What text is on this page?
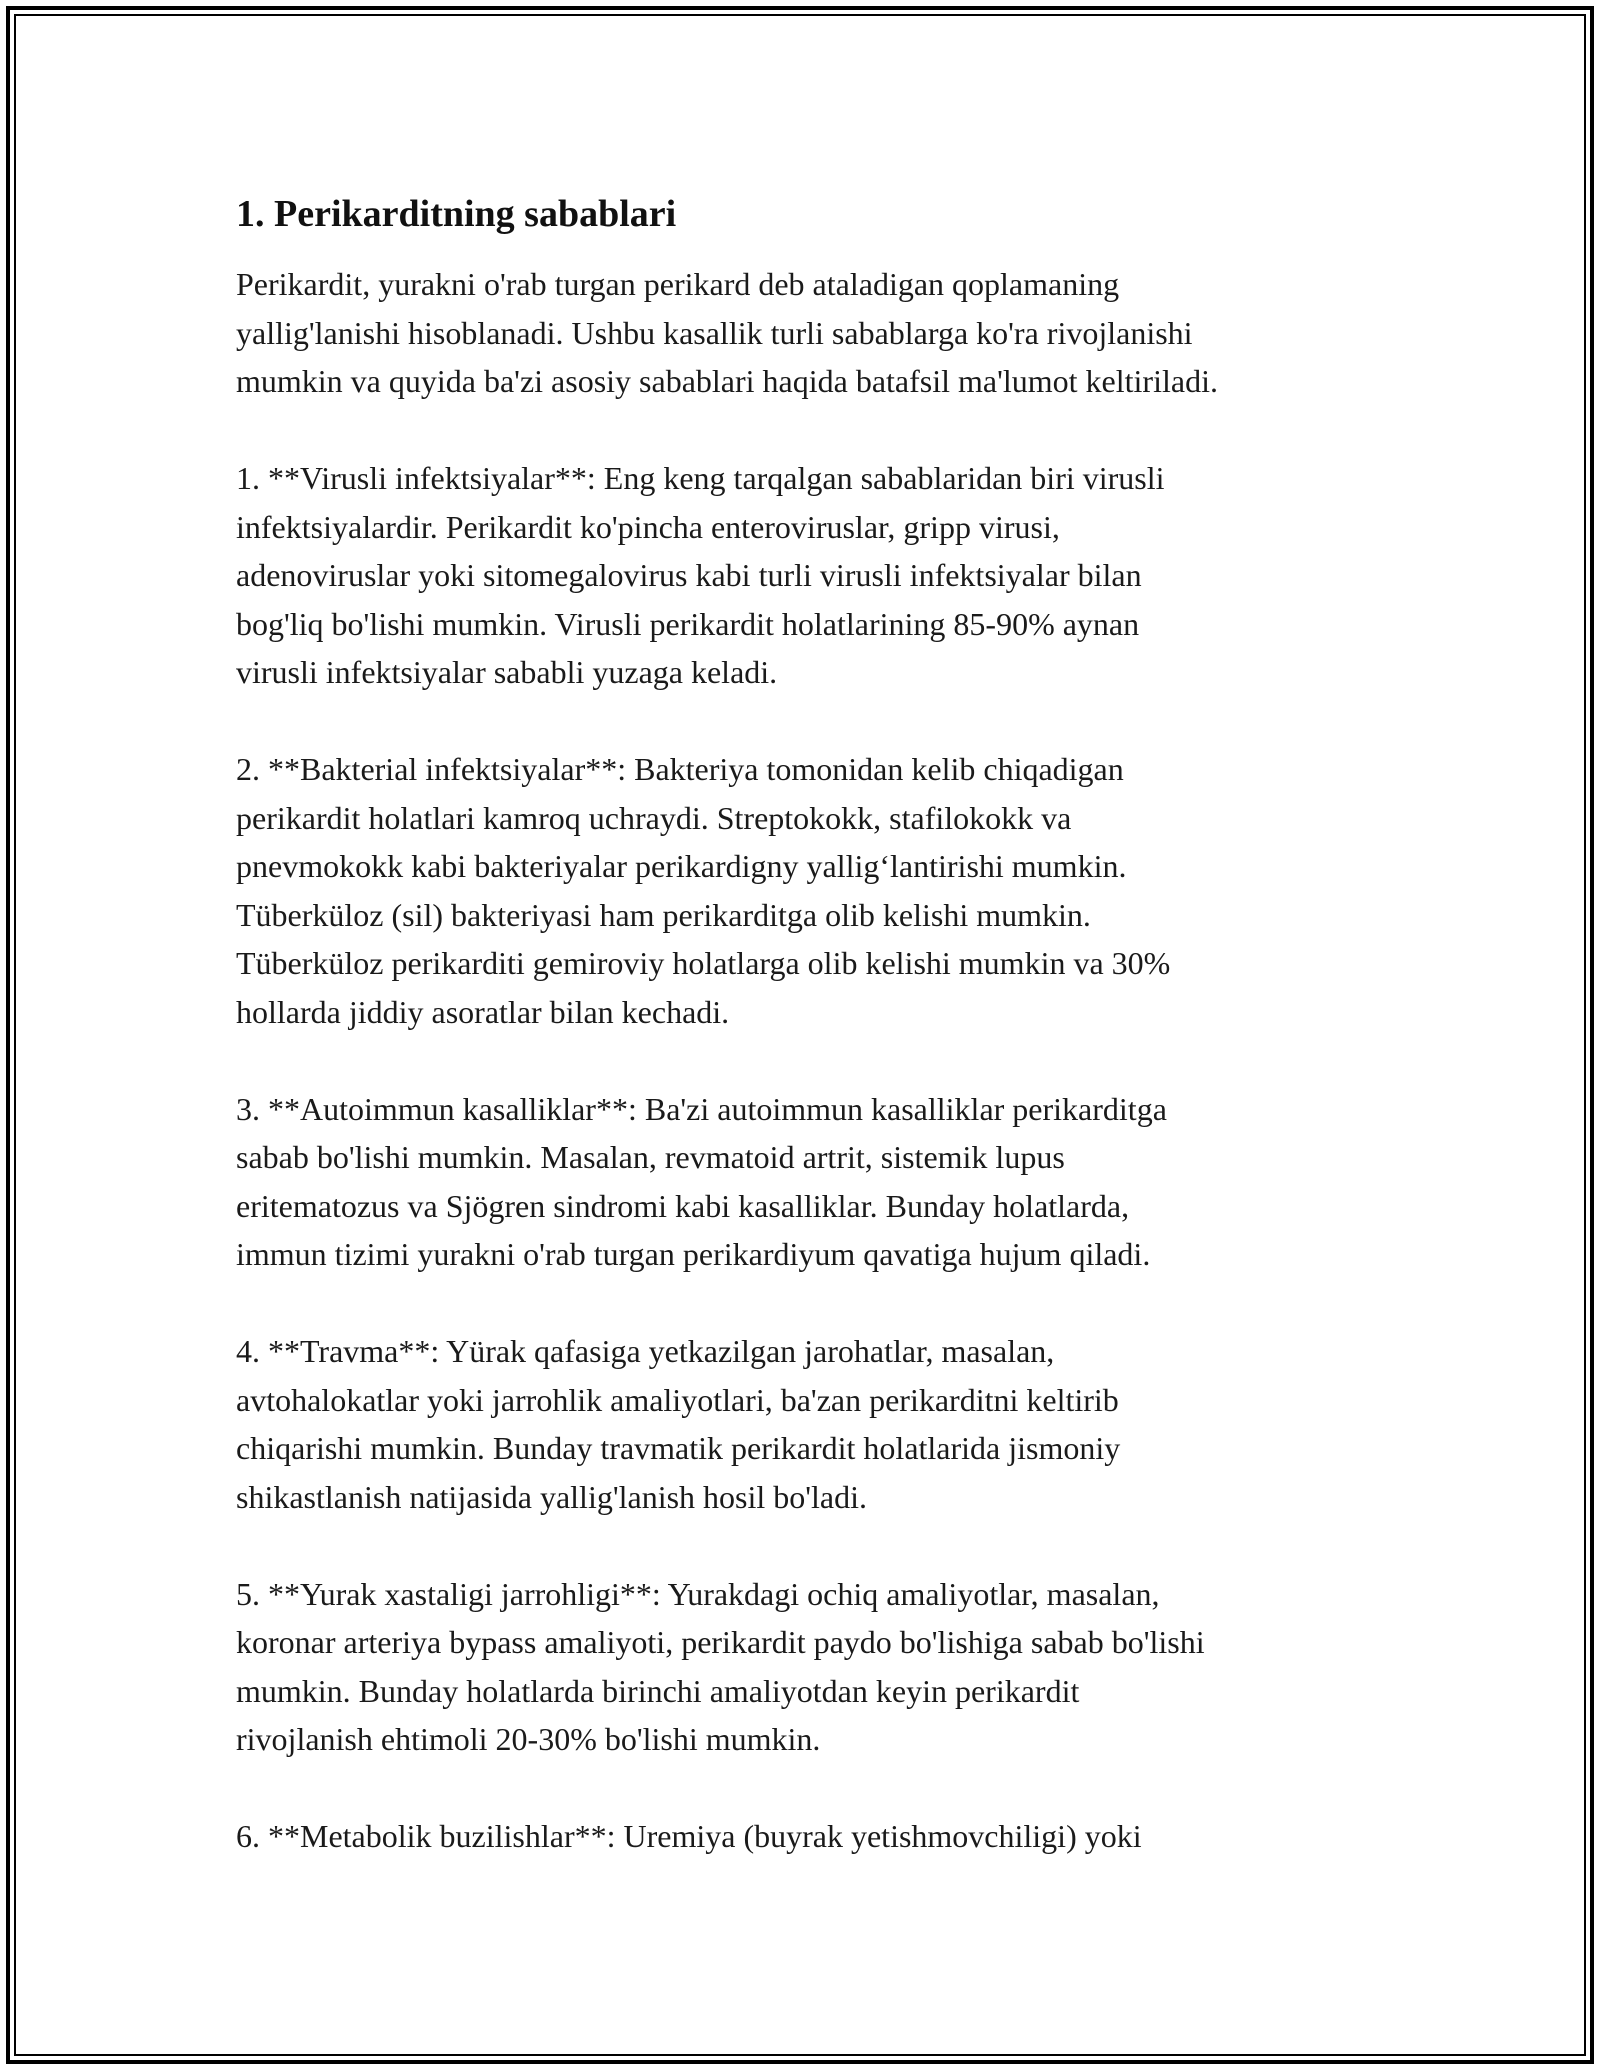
1. Perikarditning sabablari

Perikardit, yurakni o'rab turgan perikard deb ataladigan qoplamaning
yallig'lanishi hisoblanadi. Ushbu kasallik turli sabablarga ko'ra rivojlanishi
mumkin va quyida ba'zi asosiy sabablari haqida batafsil ma'lumot keltiriladi.

1. **Virusli infektsiyalar**: Eng keng tarqalgan sabablaridan biri virusli
infektsiyalardir. Perikardit ko'pincha enteroviruslar, gripp virusi,
adenoviruslar yoki sitomegalovirus kabi turli virusli infektsiyalar bilan
bog'liq bo'lishi mumkin. Virusli perikardit holatlarining 85-90% aynan
virusli infektsiyalar sababli yuzaga keladi.

2. **Bakterial infektsiyalar**: Bakteriya tomonidan kelib chiqadigan
perikardit holatlari kamroq uchraydi. Streptokokk, stafilokokk va
pnevmokokk kabi bakteriyalar perikardigny yallig‘lantirishi mumkin.
Tüberküloz (sil) bakteriyasi ham perikarditga olib kelishi mumkin.
Tüberküloz perikarditi gemiroviy holatlarga olib kelishi mumkin va 30%
hollarda jiddiy asoratlar bilan kechadi.

3. **Autoimmun kasalliklar**: Ba'zi autoimmun kasalliklar perikarditga
sabab bo'lishi mumkin. Masalan, revmatoid artrit, sistemik lupus
eritematozus va Sjögren sindromi kabi kasalliklar. Bunday holatlarda,
immun tizimi yurakni o'rab turgan perikardiyum qavatiga hujum qiladi.

4. **Travma**: Yürak qafasiga yetkazilgan jarohatlar, masalan,
avtohalokatlar yoki jarrohlik amaliyotlari, ba'zan perikarditni keltirib
chiqarishi mumkin. Bunday travmatik perikardit holatlarida jismoniy
shikastlanish natijasida yallig'lanish hosil bo'ladi.

5. **Yurak xastaligi jarrohligi**: Yurakdagi ochiq amaliyotlar, masalan,
koronar arteriya bypass amaliyoti, perikardit paydo bo'lishiga sabab bo'lishi
mumkin. Bunday holatlarda birinchi amaliyotdan keyin perikardit
rivojlanish ehtimoli 20-30% bo'lishi mumkin.

6. **Metabolik buzilishlar**: Uremiya (buyrak yetishmovchiligi) yoki
